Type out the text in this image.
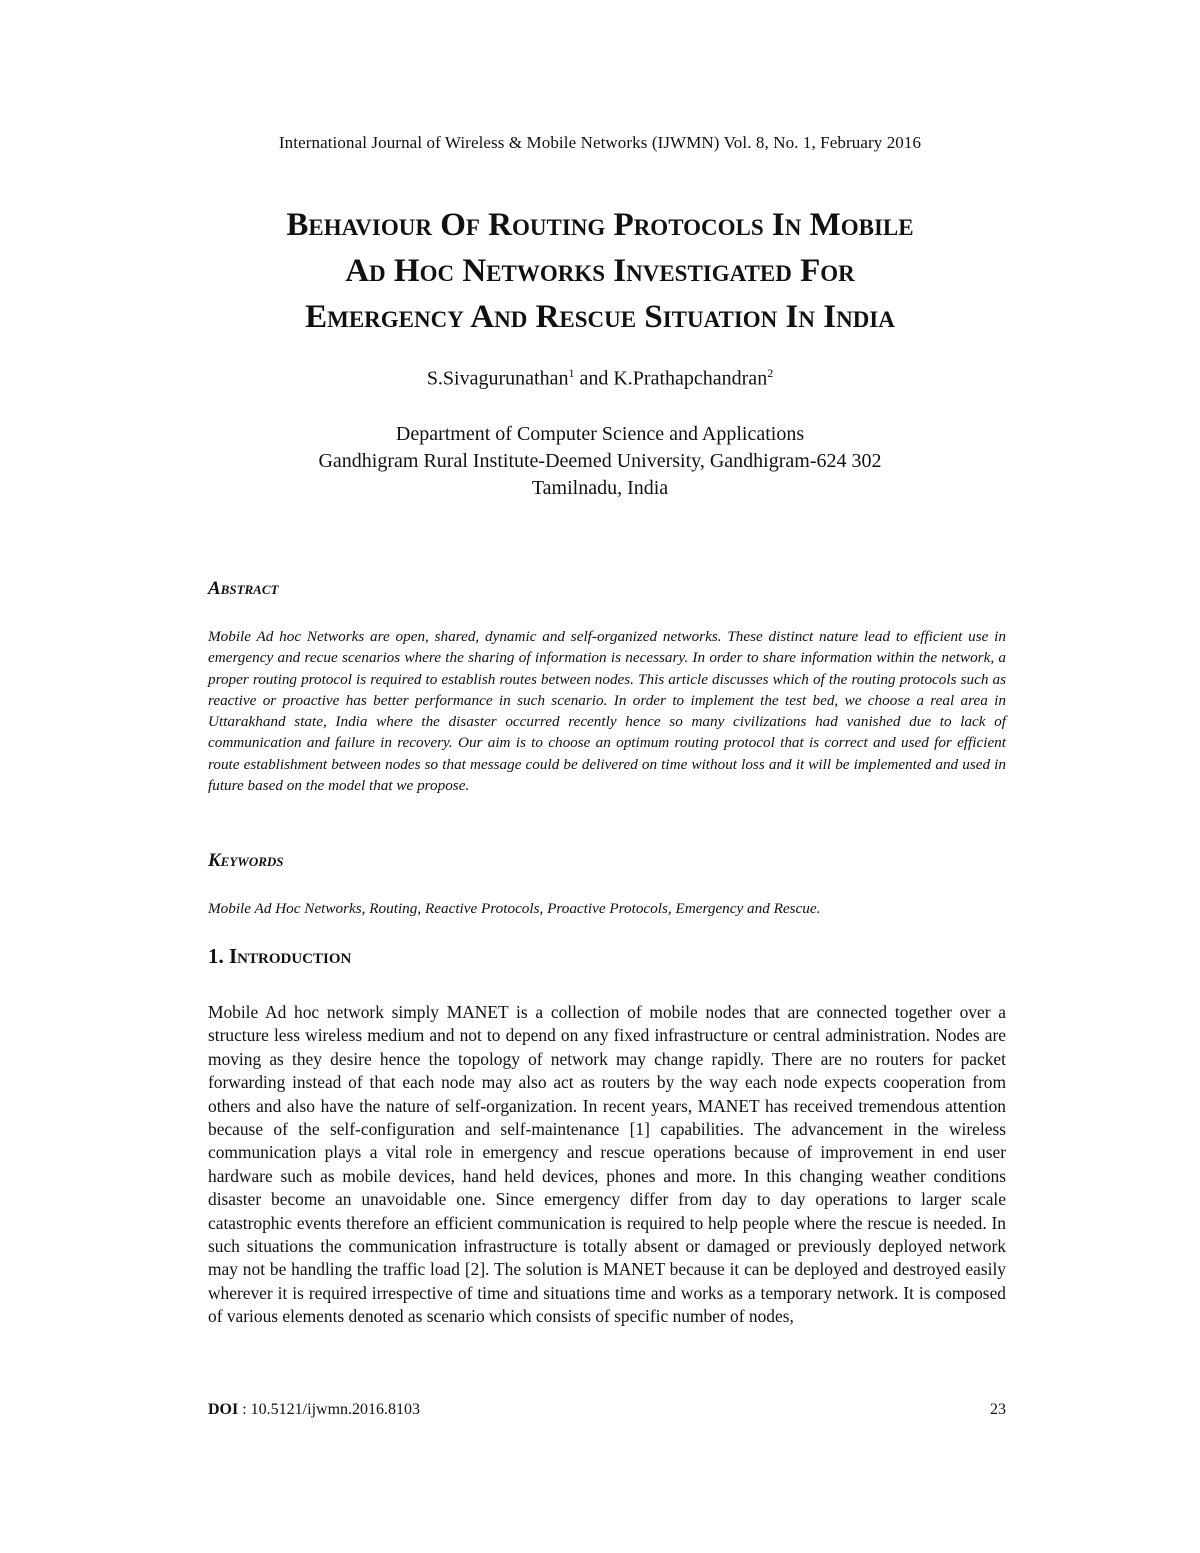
International Journal of Wireless & Mobile Networks (IJWMN) Vol. 8, No. 1, February 2016
Behaviour Of Routing Protocols In Mobile
Ad Hoc Networks Investigated For
Emergency And Rescue Situation In India
S.Sivagurunathan$^1$ and K.Prathapchandran$^2$
Department of Computer Science and Applications
Gandhigram Rural Institute-Deemed University, Gandhigram-624 302
Tamilnadu, India
Abstract

Mobile Ad hoc Networks are open, shared, dynamic and self-organized networks. These distinct nature lead to efficient use in emergency and recue scenarios where the sharing of information is necessary. In order to share information within the network, a proper routing protocol is required to establish routes between nodes. This article discusses which of the routing protocols such as reactive or proactive has better performance in such scenario. In order to implement the test bed, we choose a real area in Uttarakhand state, India where the disaster occurred recently hence so many civilizations had vanished due to lack of communication and failure in recovery. Our aim is to choose an optimum routing protocol that is correct and used for efficient route establishment between nodes so that message could be delivered on time without loss and it will be implemented and used in future based on the model that we propose.

Keywords

Mobile Ad Hoc Networks, Routing, Reactive Protocols, Proactive Protocols, Emergency and Rescue.

1. Introduction

Mobile Ad hoc network simply MANET is a collection of mobile nodes that are connected together over a structure less wireless medium and not to depend on any fixed infrastructure or central administration. Nodes are moving as they desire hence the topology of network may change rapidly. There are no routers for packet forwarding instead of that each node may also act as routers by the way each node expects cooperation from others and also have the nature of self-organization. In recent years, MANET has received tremendous attention because of the self-configuration and self-maintenance [1] capabilities. The advancement in the wireless communication plays a vital role in emergency and rescue operations because of improvement in end user hardware such as mobile devices, hand held devices, phones and more. In this changing weather conditions disaster become an unavoidable one. Since emergency differ from day to day operations to larger scale catastrophic events therefore an efficient communication is required to help people where the rescue is needed. In such situations the communication infrastructure is totally absent or damaged or previously deployed network may not be handling the traffic load [2]. The solution is MANET because it can be deployed and destroyed easily wherever it is required irrespective of time and situations time and works as a temporary network. It is composed of various elements denoted as scenario which consists of specific number of nodes,

DOI : 10.5121/ijwmn.2016.8103	23
